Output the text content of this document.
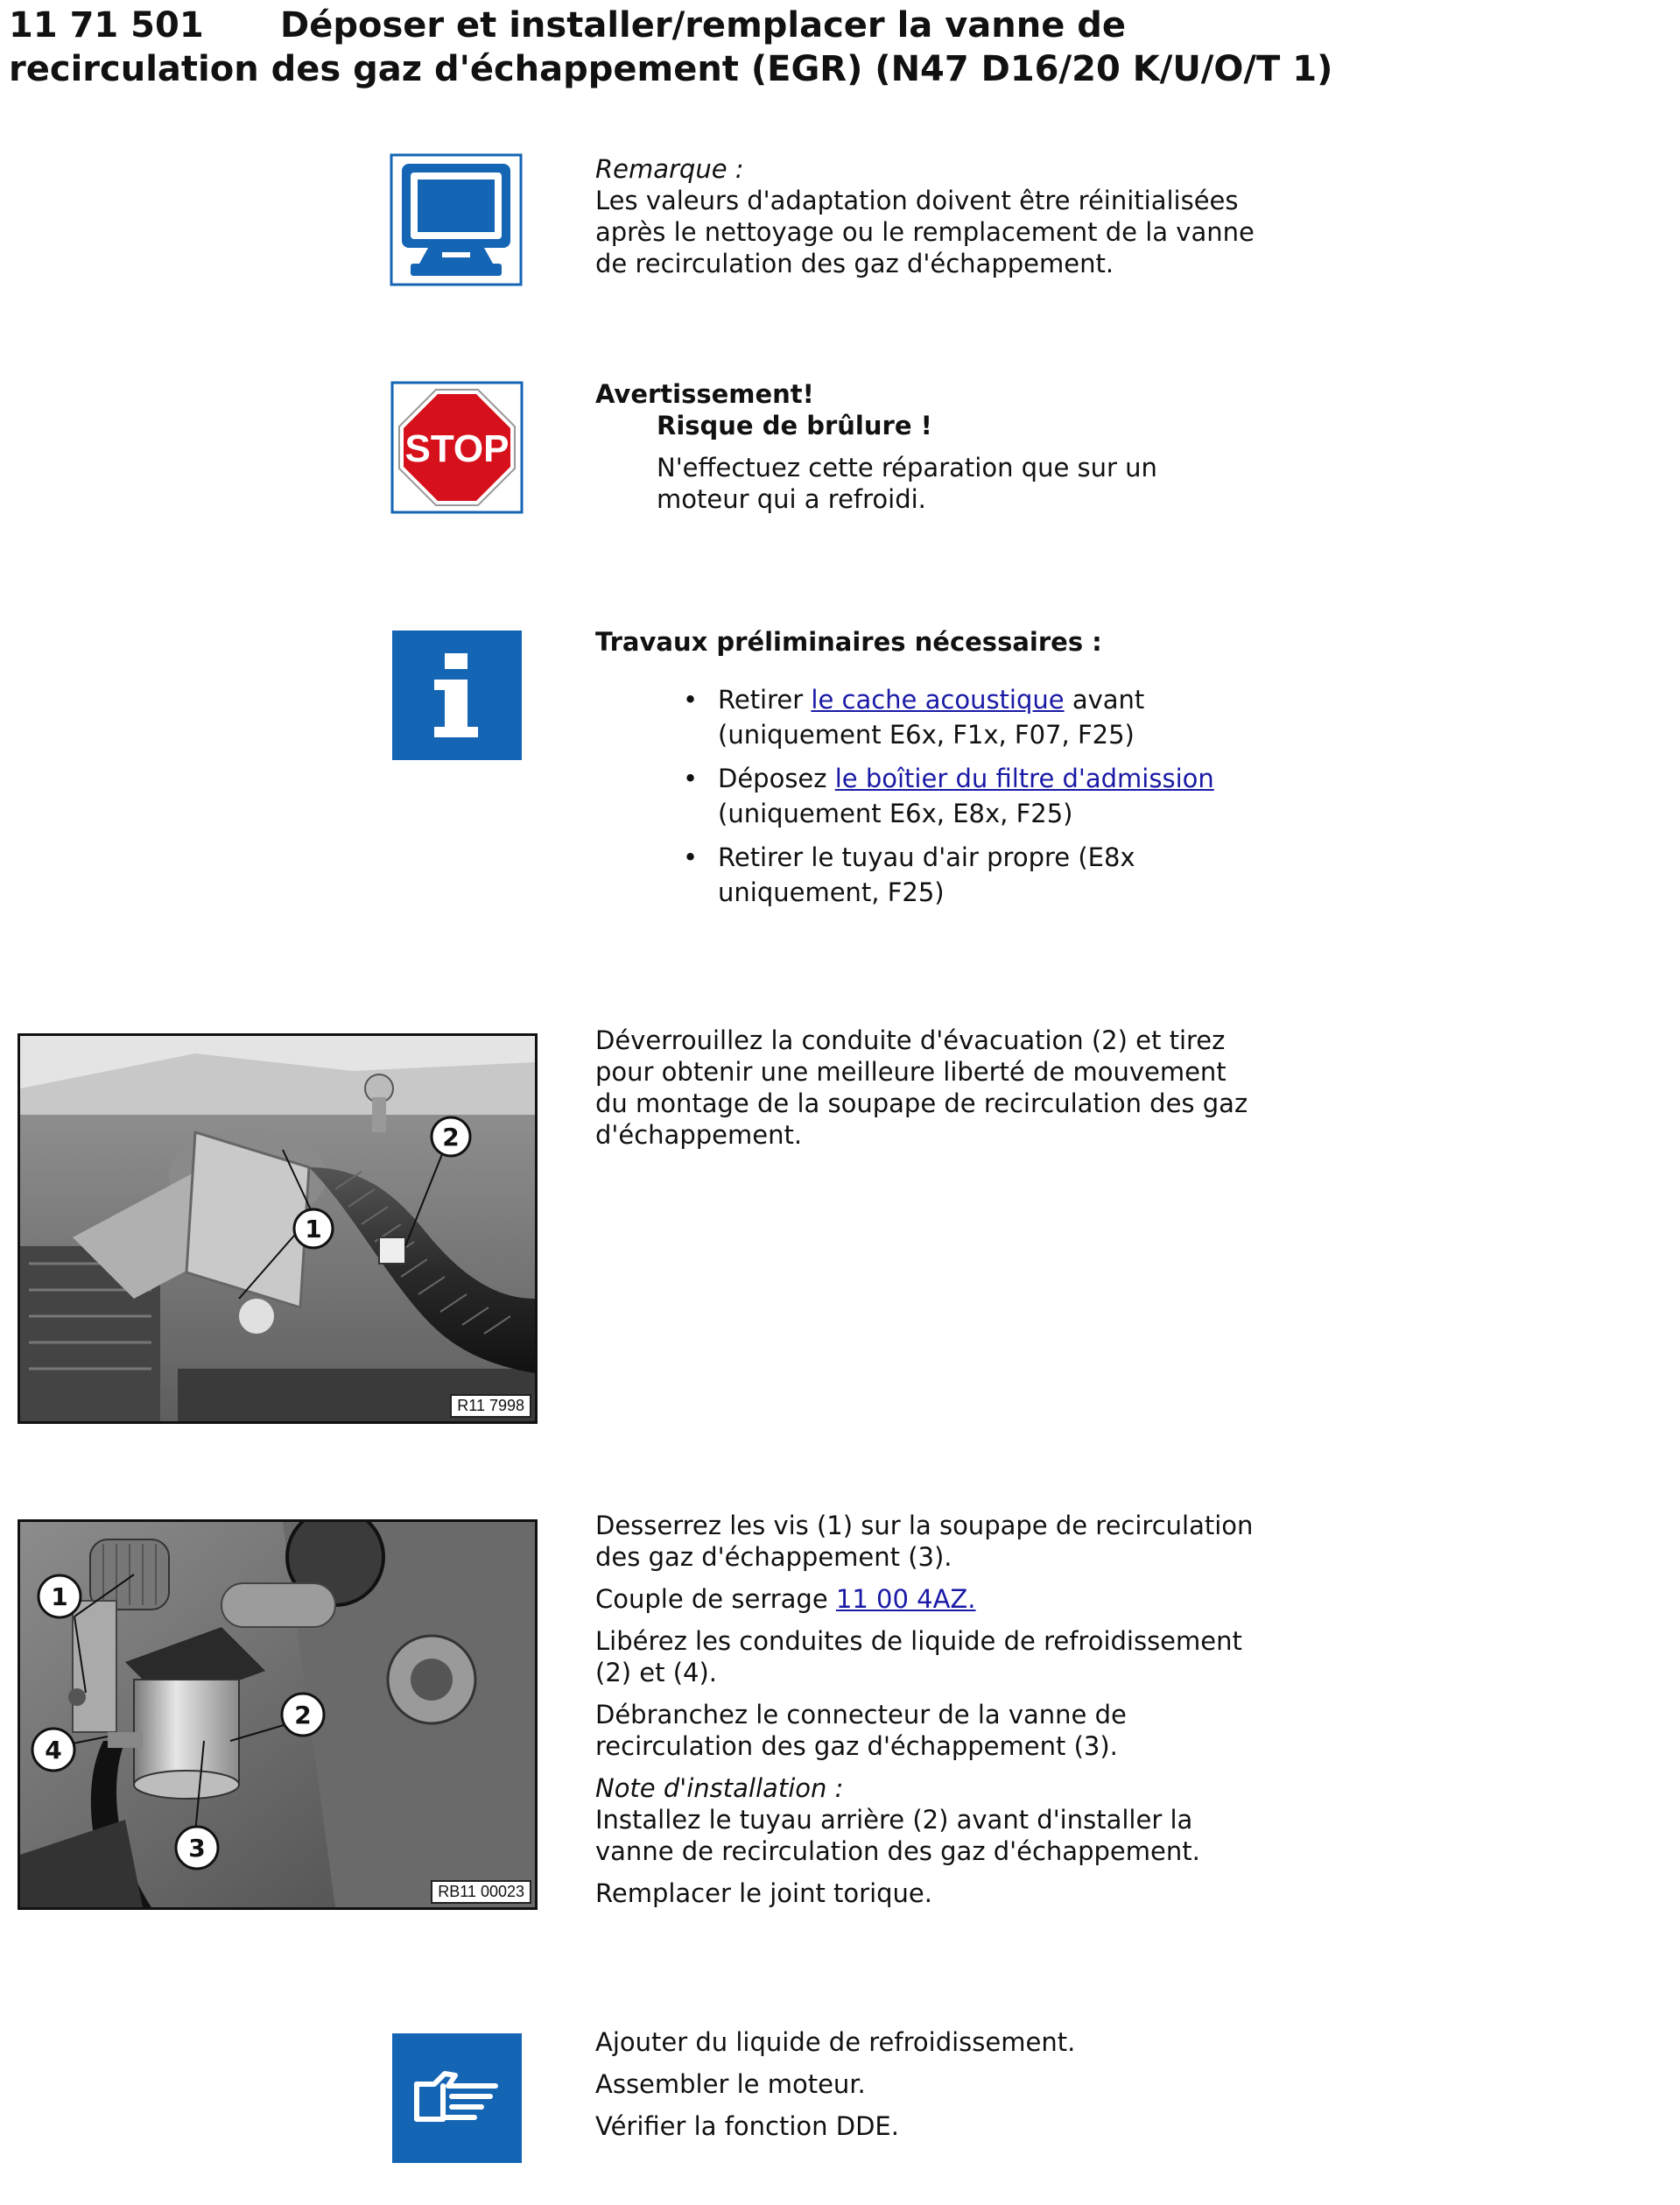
11 71 501 Déposer et installer/remplacer la vanne de
recirculation des gaz d'échappement (EGR) (N47 D16/20 K/U/O/T 1)

Remarque :

Les valeurs d'adaptation doivent être réinitialisées après le nettoyage ou le remplacement de la vanne de recirculation des gaz d'échappement.

STOP

Avertissement!

Risque de brûlure !

N'effectuez cette réparation que sur un moteur qui a refroidi.

Travaux préliminaires nécessaires :

• Retirer le cache acoustique avant
(uniquement E6x, F1x, F07, F25)
• Déposez le boîtier du filtre d'admission
(uniquement E6x, E8x, F25)
• Retirer le tuyau d'air propre (E8x
uniquement, F25)
1
2
R11 7998

Déverrouillez la conduite d'évacuation (2) et tirez pour obtenir une meilleure liberté de mouvement du montage de la soupape de recirculation des gaz d'échappement.

1
2
3
4
RB11 00023

Desserrez les vis (1) sur la soupape de recirculation des gaz d'échappement (3).

Couple de serrage 11 00 4AZ.

Libérez les conduites de liquide de refroidissement (2) et (4).

Débranchez le connecteur de la vanne de recirculation des gaz d'échappement (3).

Note d'installation :

Installez le tuyau arrière (2) avant d'installer la vanne de recirculation des gaz d'échappement.

Remplacer le joint torique.

Ajouter du liquide de refroidissement.

Assembler le moteur.

Vérifier la fonction DDE.
